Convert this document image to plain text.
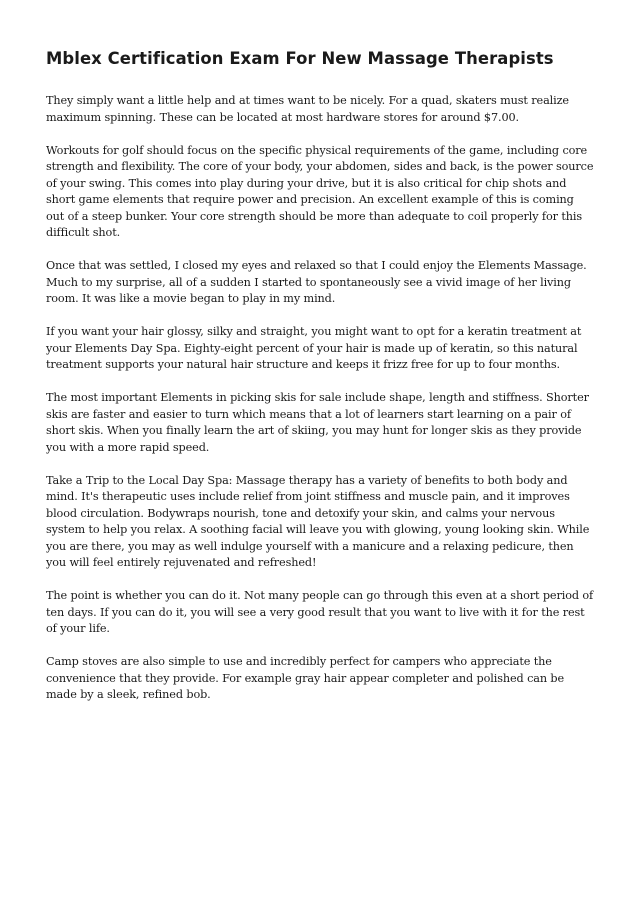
Mblex Certification Exam For New Massage Therapists

They simply want a little help and at times want to be nicely. For a quad, skaters must realize maximum spinning. These can be located at most hardware stores for around $7.00.

Workouts for golf should focus on the specific physical requirements of the game, including core strength and flexibility. The core of your body, your abdomen, sides and back, is the power source of your swing. This comes into play during your drive, but it is also critical for chip shots and short game elements that require power and precision. An excellent example of this is coming out of a steep bunker. Your core strength should be more than adequate to coil properly for this difficult shot.

Once that was settled, I closed my eyes and relaxed so that I could enjoy the Elements Massage. Much to my surprise, all of a sudden I started to spontaneously see a vivid image of her living room. It was like a movie began to play in my mind.

If you want your hair glossy, silky and straight, you might want to opt for a keratin treatment at your Elements Day Spa. Eighty-eight percent of your hair is made up of keratin, so this natural treatment supports your natural hair structure and keeps it frizz free for up to four months.

The most important Elements in picking skis for sale include shape, length and stiffness. Shorter skis are faster and easier to turn which means that a lot of learners start learning on a pair of short skis. When you finally learn the art of skiing, you may hunt for longer skis as they provide you with a more rapid speed.

Take a Trip to the Local Day Spa: Massage therapy has a variety of benefits to both body and mind. It's therapeutic uses include relief from joint stiffness and muscle pain, and it improves blood circulation. Bodywraps nourish, tone and detoxify your skin, and calms your nervous system to help you relax. A soothing facial will leave you with glowing, young looking skin. While you are there, you may as well indulge yourself with a manicure and a relaxing pedicure, then you will feel entirely rejuvenated and refreshed!

The point is whether you can do it. Not many people can go through this even at a short period of ten days. If you can do it, you will see a very good result that you want to live with it for the rest of your life.

Camp stoves are also simple to use and incredibly perfect for campers who appreciate the convenience that they provide. For example gray hair appear completer and polished can be made by a sleek, refined bob.
